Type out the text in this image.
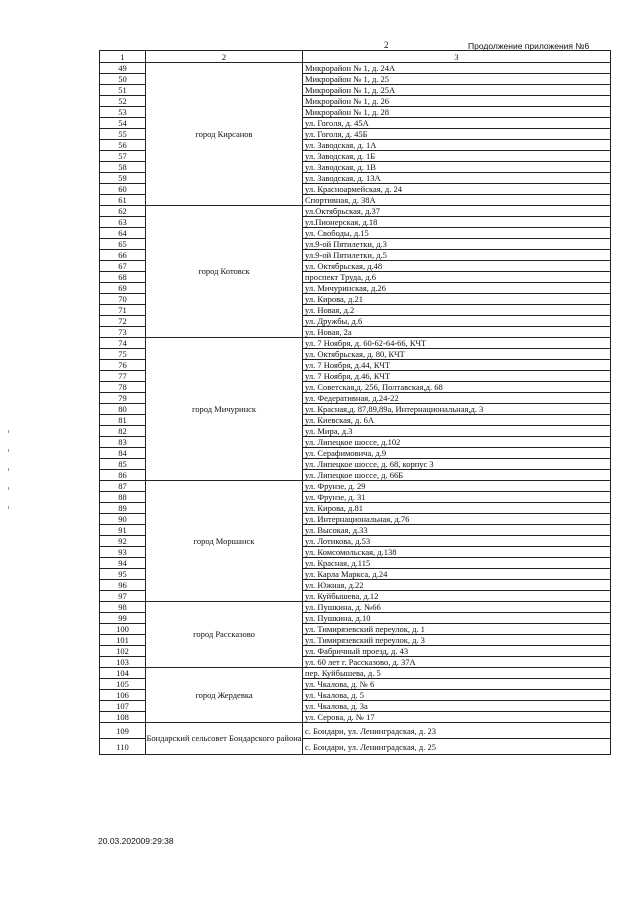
2	Продолжение приложения №6
1	2	3
49	город Кирсанов	Микрорайон № 1, д. 24А
50		Микрорайон № 1, д. 25
51		Микрорайон № 1, д. 25А
52		Микрорайон № 1, д. 26
53		Микрорайон № 1, д. 28
54		ул. Гоголя, д. 45А
55		ул. Гоголя, д. 45Б
56		ул. Заводская, д. 1А
57		ул. Заводская, д. 1Б
58		ул. Заводская, д. 1В
59		ул. Заводская, д. 13А
60		ул. Красноармейская, д. 24
61		Спортивная, д. 38А
62	город Котовск	ул.Октябрьская, д.37
63		ул.Пионерская, д.18
64		ул. Свободы, д.15
65		ул.9-ой Пятилетки, д.3
66		ул.9-ой Пятилетки, д.5
67		ул. Октябрьская, д.48
68		проспект Труда, д.6
69		ул. Мичуринская, д.26
70		ул. Кирова, д.21
71		ул. Новая, д.2
72		ул. Дружбы, д.6
73		ул. Новая, 2а
74	город Мичуринск	ул. 7 Ноября, д. 60-62-64-66, КЧТ
75		ул. Октябрьская, д. 80, КЧТ
76		ул. 7 Ноября, д.44, КЧТ
77		ул. 7 Ноября, д.46, КЧТ
78		ул. Советская,д. 256, Полтавская,д. 68
79		ул. Федеративная, д.24-22
80		ул. Красная,д. 87,89,89а, Интернациональная,д. 3
81		ул. Киевская, д. 6А
82		ул. Мира, д.3
83		ул. Липецкое шоссе, д.102
84		ул. Серафимовича, д.9
85		ул. Липецкое шоссе, д. 68, корпус 3
86		ул. Липецкое шоссе, д. 66Б
87	город Моршанск	ул. Фрунзе, д. 29
88		ул. Фрунзе, д. 31
89		ул. Кирова, д.81
90		ул. Интернациональная, д.76
91		ул. Высокая, д.33
92		ул. Лотикова, д.53
93		ул. Комсомольская, д.138
94		ул. Красная, д.115
95		ул. Карла Маркса, д.24
96		ул. Южная, д.22
97		ул. Куйбышева, д.12
98	город Рассказово	ул. Пушкина, д. №66
99		ул. Пушкина, д.10
100		ул. Тимирязевский переулок, д. 1
101		ул. Тимирязевский переулок, д. 3
102		ул. Фабричный проезд, д. 43
103		ул. 60 лет г. Рассказово, д. 37А
104	город Жердевка	пер. Куйбышева, д. 5
105		ул. Чкалова, д. № 6
106		ул. Чкалова, д. 5
107		ул. Чкалова, д. 3а
108		ул. Серова, д. № 17
109	Бондарский сельсовет Бондарского района	с. Бондари, ул. Ленинградская, д. 23
110		с. Бондари, ул. Ленинградская, д. 25
20.03.202009:29:38
